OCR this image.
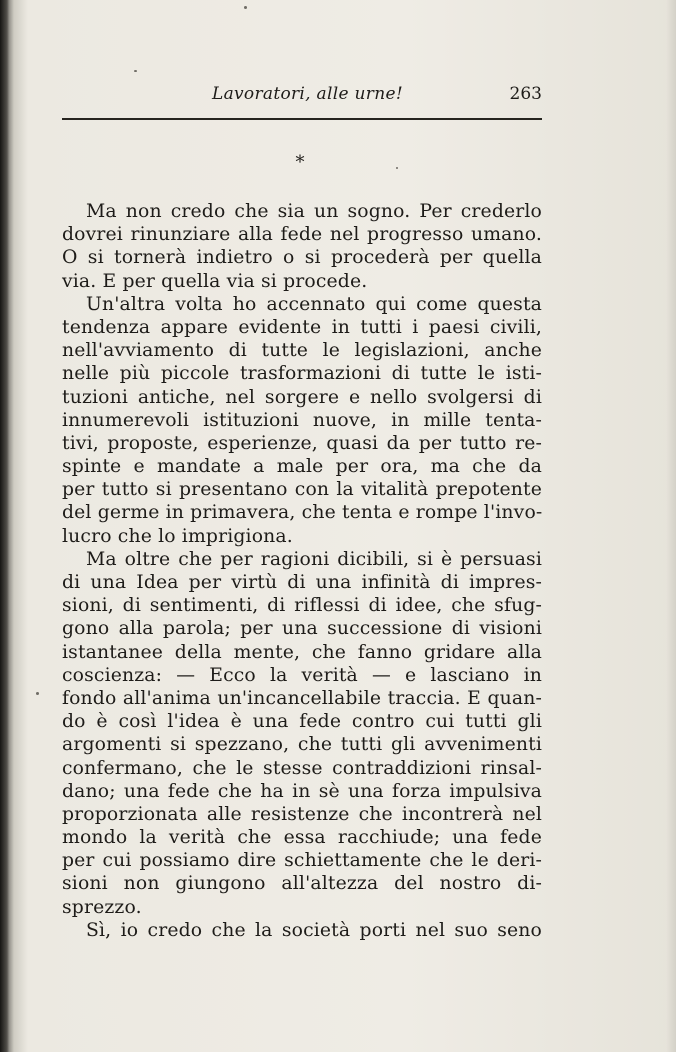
Lavoratori, alle urne!	263
*
Ma non credo che sia un sogno. Per crederlo
dovrei rinunziare alla fede nel progresso umano.
O si tornerà indietro o si procederà per quella
via. E per quella via si procede.
Un'altra volta ho accennato qui come questa
tendenza appare evidente in tutti i paesi civili,
nell'avviamento di tutte le legislazioni, anche
nelle più piccole trasformazioni di tutte le isti-
tuzioni antiche, nel sorgere e nello svolgersi di
innumerevoli istituzioni nuove, in mille tenta-
tivi, proposte, esperienze, quasi da per tutto re-
spinte e mandate a male per ora, ma che da
per tutto si presentano con la vitalità prepotente
del germe in primavera, che tenta e rompe l'invo-
lucro che lo imprigiona.
Ma oltre che per ragioni dicibili, si è persuasi
di una Idea per virtù di una infinità di impres-
sioni, di sentimenti, di riflessi di idee, che sfug-
gono alla parola; per una successione di visioni
istantanee della mente, che fanno gridare alla
coscienza: — Ecco la verità — e lasciano in
fondo all'anima un'incancellabile traccia. E quan-
do è così l'idea è una fede contro cui tutti gli
argomenti si spezzano, che tutti gli avvenimenti
confermano, che le stesse contraddizioni rinsal-
dano; una fede che ha in sè una forza impulsiva
proporzionata alle resistenze che incontrerà nel
mondo la verità che essa racchiude; una fede
per cui possiamo dire schiettamente che le deri-
sioni non giungono all'altezza del nostro di-
sprezzo.
Sì, io credo che la società porti nel suo seno
